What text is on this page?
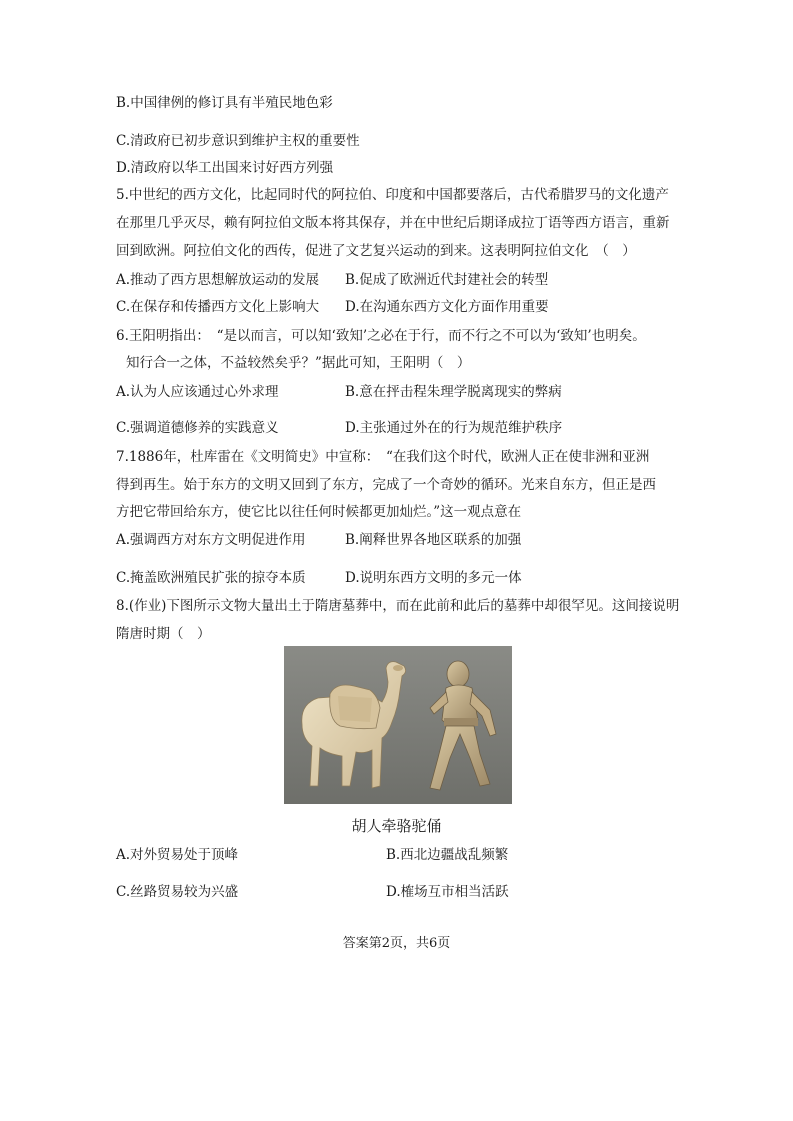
B.中国律例的修订具有半殖民地色彩
C.清政府已初步意识到维护主权的重要性
D.清政府以华工出国来讨好西方列强
5.中世纪的西方文化，比起同时代的阿拉伯、印度和中国都要落后，古代希腊罗马的文化遗产
在那里几乎灭尽，赖有阿拉伯文版本将其保存，并在中世纪后期译成拉丁语等西方语言，重新
回到欧洲。阿拉伯文化的西传，促进了文艺复兴运动的到来。这表明阿拉伯文化　（　）
A.推动了西方思想解放运动的发展 B.促成了欧洲近代封建社会的转型
C.在保存和传播西方文化上影响大 D.在沟通东西方文化方面作用重要
6.王阳明指出：　“是以而言，可以知‘致知’之必在于行，而不行之不可以为‘致知’也明矣。
知行合一之体，不益较然矣乎？”据此可知，王阳明（　）
A.认为人应该通过心外求理	B.意在抨击程朱理学脱离现实的弊病
C.强调道德修养的实践意义	D.主张通过外在的行为规范维护秩序
7.1886年，杜库雷在《文明简史》中宣称：　“在我们这个时代，欧洲人正在使非洲和亚洲
得到再生。始于东方的文明又回到了东方，完成了一个奇妙的循环。光来自东方，但正是西
方把它带回给东方，使它比以往任何时候都更加灿烂。”这一观点意在
A.强调西方对东方文明促进作用	B.阐释世界各地区联系的加强
C.掩盖欧洲殖民扩张的掠夺本质	D.说明东西方文明的多元一体
8.(作业)下图所示文物大量出土于隋唐墓葬中，而在此前和此后的墓葬中却很罕见。这间接说明
隋唐时期（　）
胡人牵骆驼俑
A.对外贸易处于顶峰	B.西北边疆战乱频繁
C.丝路贸易较为兴盛	D.榷场互市相当活跃
答案第2页，共6页
